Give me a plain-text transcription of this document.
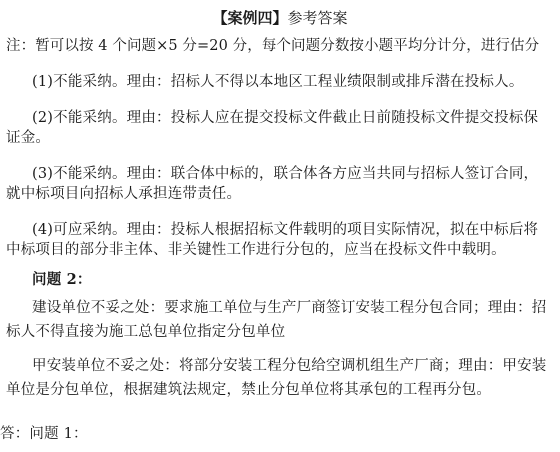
【案例四】参考答案
注：暂可以按 4 个问题×5 分=20 分，每个问题分数按小题平均分计分，进行估分
(1)不能采纳。理由：招标人不得以本地区工程业绩限制或排斥潜在投标人。
(2)不能采纳。理由：投标人应在提交投标文件截止日前随投标文件提交投标保
证金。
(3)不能采纳。理由：联合体中标的，联合体各方应当共同与招标人签订合同，
就中标项目向招标人承担连带责任。
(4)可应采纳。理由：投标人根据招标文件载明的项目实际情况，拟在中标后将
中标项目的部分非主体、非关键性工作进行分包的，应当在投标文件中载明。
问题 2：
建设单位不妥之处：要求施工单位与生产厂商签订安装工程分包合同；理由：招
标人不得直接为施工总包单位指定分包单位
甲安装单位不妥之处：将部分安装工程分包给空调机组生产厂商；理由：甲安装
单位是分包单位，根据建筑法规定，禁止分包单位将其承包的工程再分包。
答：问题 1：
